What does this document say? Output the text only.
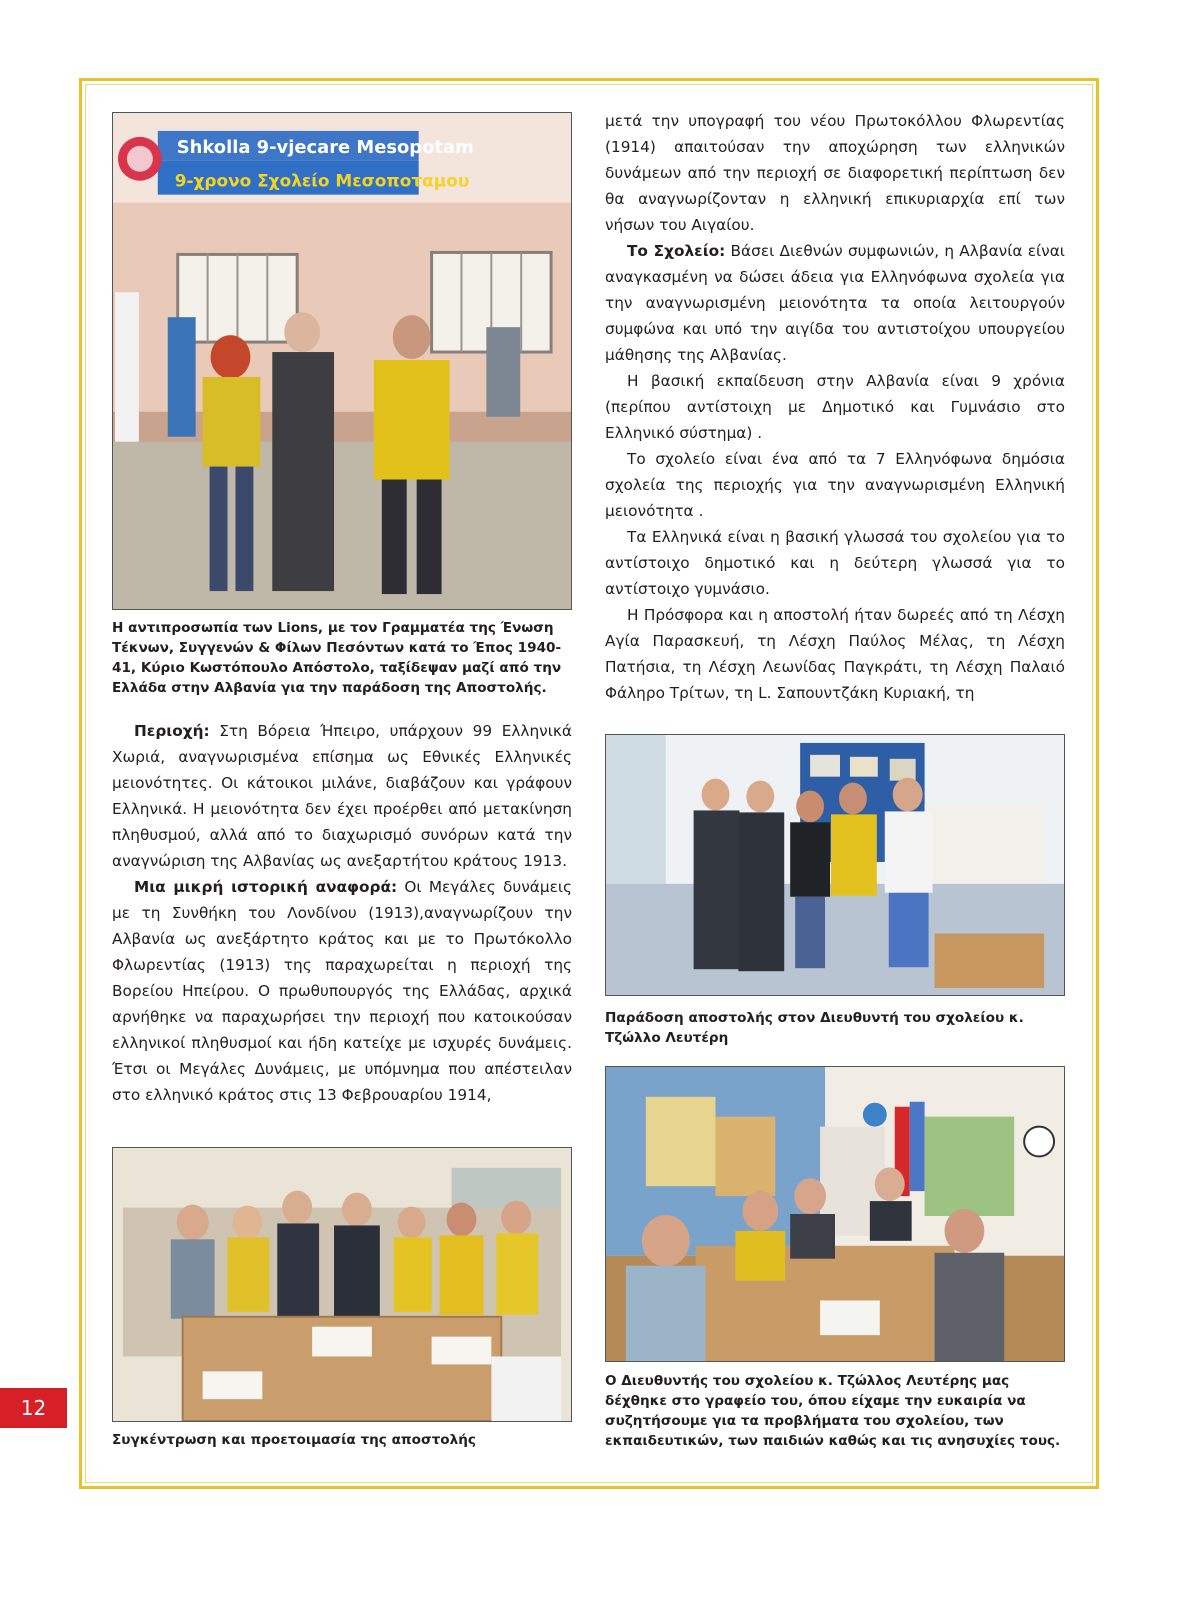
Shkolla 9-vjecare Mesopotam
9-χρονο Σχολείο Μεσοποταμου

Η αντιπροσωπία των Lions, με τον Γραμματέα της Ένωση Τέκνων, Συγγενών & Φίλων Πεσόντων κατά το Έπος 1940-41, Κύριο Κωστόπουλο Απόστολο, ταξίδεψαν μαζί από την Ελλάδα στην Αλβανία για την παράδοση της Αποστολής.

Περιοχή: Στη Βόρεια Ήπειρο, υπάρχουν 99 Ελληνικά Χωριά, αναγνωρισμένα επίσημα ως Εθνικές Ελληνικές μειονότητες. Οι κάτοικοι μιλάνε, διαβάζουν και γράφουν Ελληνικά. Η μειονότητα δεν έχει προέρθει από μετακίνηση πληθυσμού, αλλά από το διαχωρισμό συνόρων κατά την αναγνώριση της Αλβανίας ως ανεξαρτήτου κράτους 1913.

Μια μικρή ιστορική αναφορά: Οι Μεγάλες δυνάμεις με τη Συνθήκη του Λονδίνου (1913),αναγνωρίζουν την Αλβανία ως ανεξάρτητο κράτος και με το Πρωτόκολλο Φλωρεντίας (1913) της παραχωρείται η περιοχή της Βορείου Ηπείρου. Ο πρωθυπουργός της Ελλάδας, αρχικά αρνήθηκε να παραχωρήσει την περιοχή που κατοικούσαν ελληνικοί πληθυσμοί και ήδη κατείχε με ισχυρές δυνάμεις. Έτσι οι Μεγάλες Δυνάμεις, με υπόμνημα που απέστειλαν στο ελληνικό κράτος στις 13 Φεβρουαρίου 1914,

Συγκέντρωση και προετοιμασία της αποστολής

μετά την υπογραφή του νέου Πρωτοκόλλου Φλωρεντίας (1914) απαιτούσαν την αποχώρηση των ελληνικών δυνάμεων από την περιοχή σε διαφορετική περίπτωση δεν θα αναγνωρίζονταν η ελληνική επικυριαρχία επί των νήσων του Αιγαίου.

Το Σχολείο: Βάσει Διεθνών συμφωνιών, η Αλβανία είναι αναγκασμένη να δώσει άδεια για Ελληνόφωνα σχολεία για την αναγνωρισμένη μειονότητα τα οποία λειτουργούν συμφώνα και υπό την αιγίδα του αντιστοίχου υπουργείου μάθησης της Αλβανίας.

Η βασική εκπαίδευση στην Αλβανία είναι 9 χρόνια (περίπου αντίστοιχη με Δημοτικό και Γυμνάσιο στο Ελληνικό σύστημα) .

Το σχολείο είναι ένα από τα 7 Ελληνόφωνα δημόσια σχολεία της περιοχής για την αναγνωρισμένη Ελληνική μειονότητα .

Τα Ελληνικά είναι η βασική γλωσσά του σχολείου για το αντίστοιχο δημοτικό και η δεύτερη γλωσσά για το αντίστοιχο γυμνάσιο.

Η Πρόσφορα και η αποστολή ήταν δωρεές από τη Λέσχη Αγία Παρασκευή, τη Λέσχη Παύλος Μέλας, τη Λέσχη Πατήσια, τη Λέσχη Λεωνίδας Παγκράτι, τη Λέσχη Παλαιό Φάληρο Τρίτων, τη L. Σαπουντζάκη Κυριακή, τη

Παράδοση αποστολής στον Διευθυντή του σχολείου κ. Τζώλλο Λευτέρη

Ο Διευθυντής του σχολείου κ. Τζώλλος Λευτέρης μας δέχθηκε στο γραφείο του, όπου είχαμε την ευκαιρία να συζητήσουμε για τα προβλήματα του σχολείου, των εκπαιδευτικών, των παιδιών καθώς και τις ανησυχίες τους.

12
